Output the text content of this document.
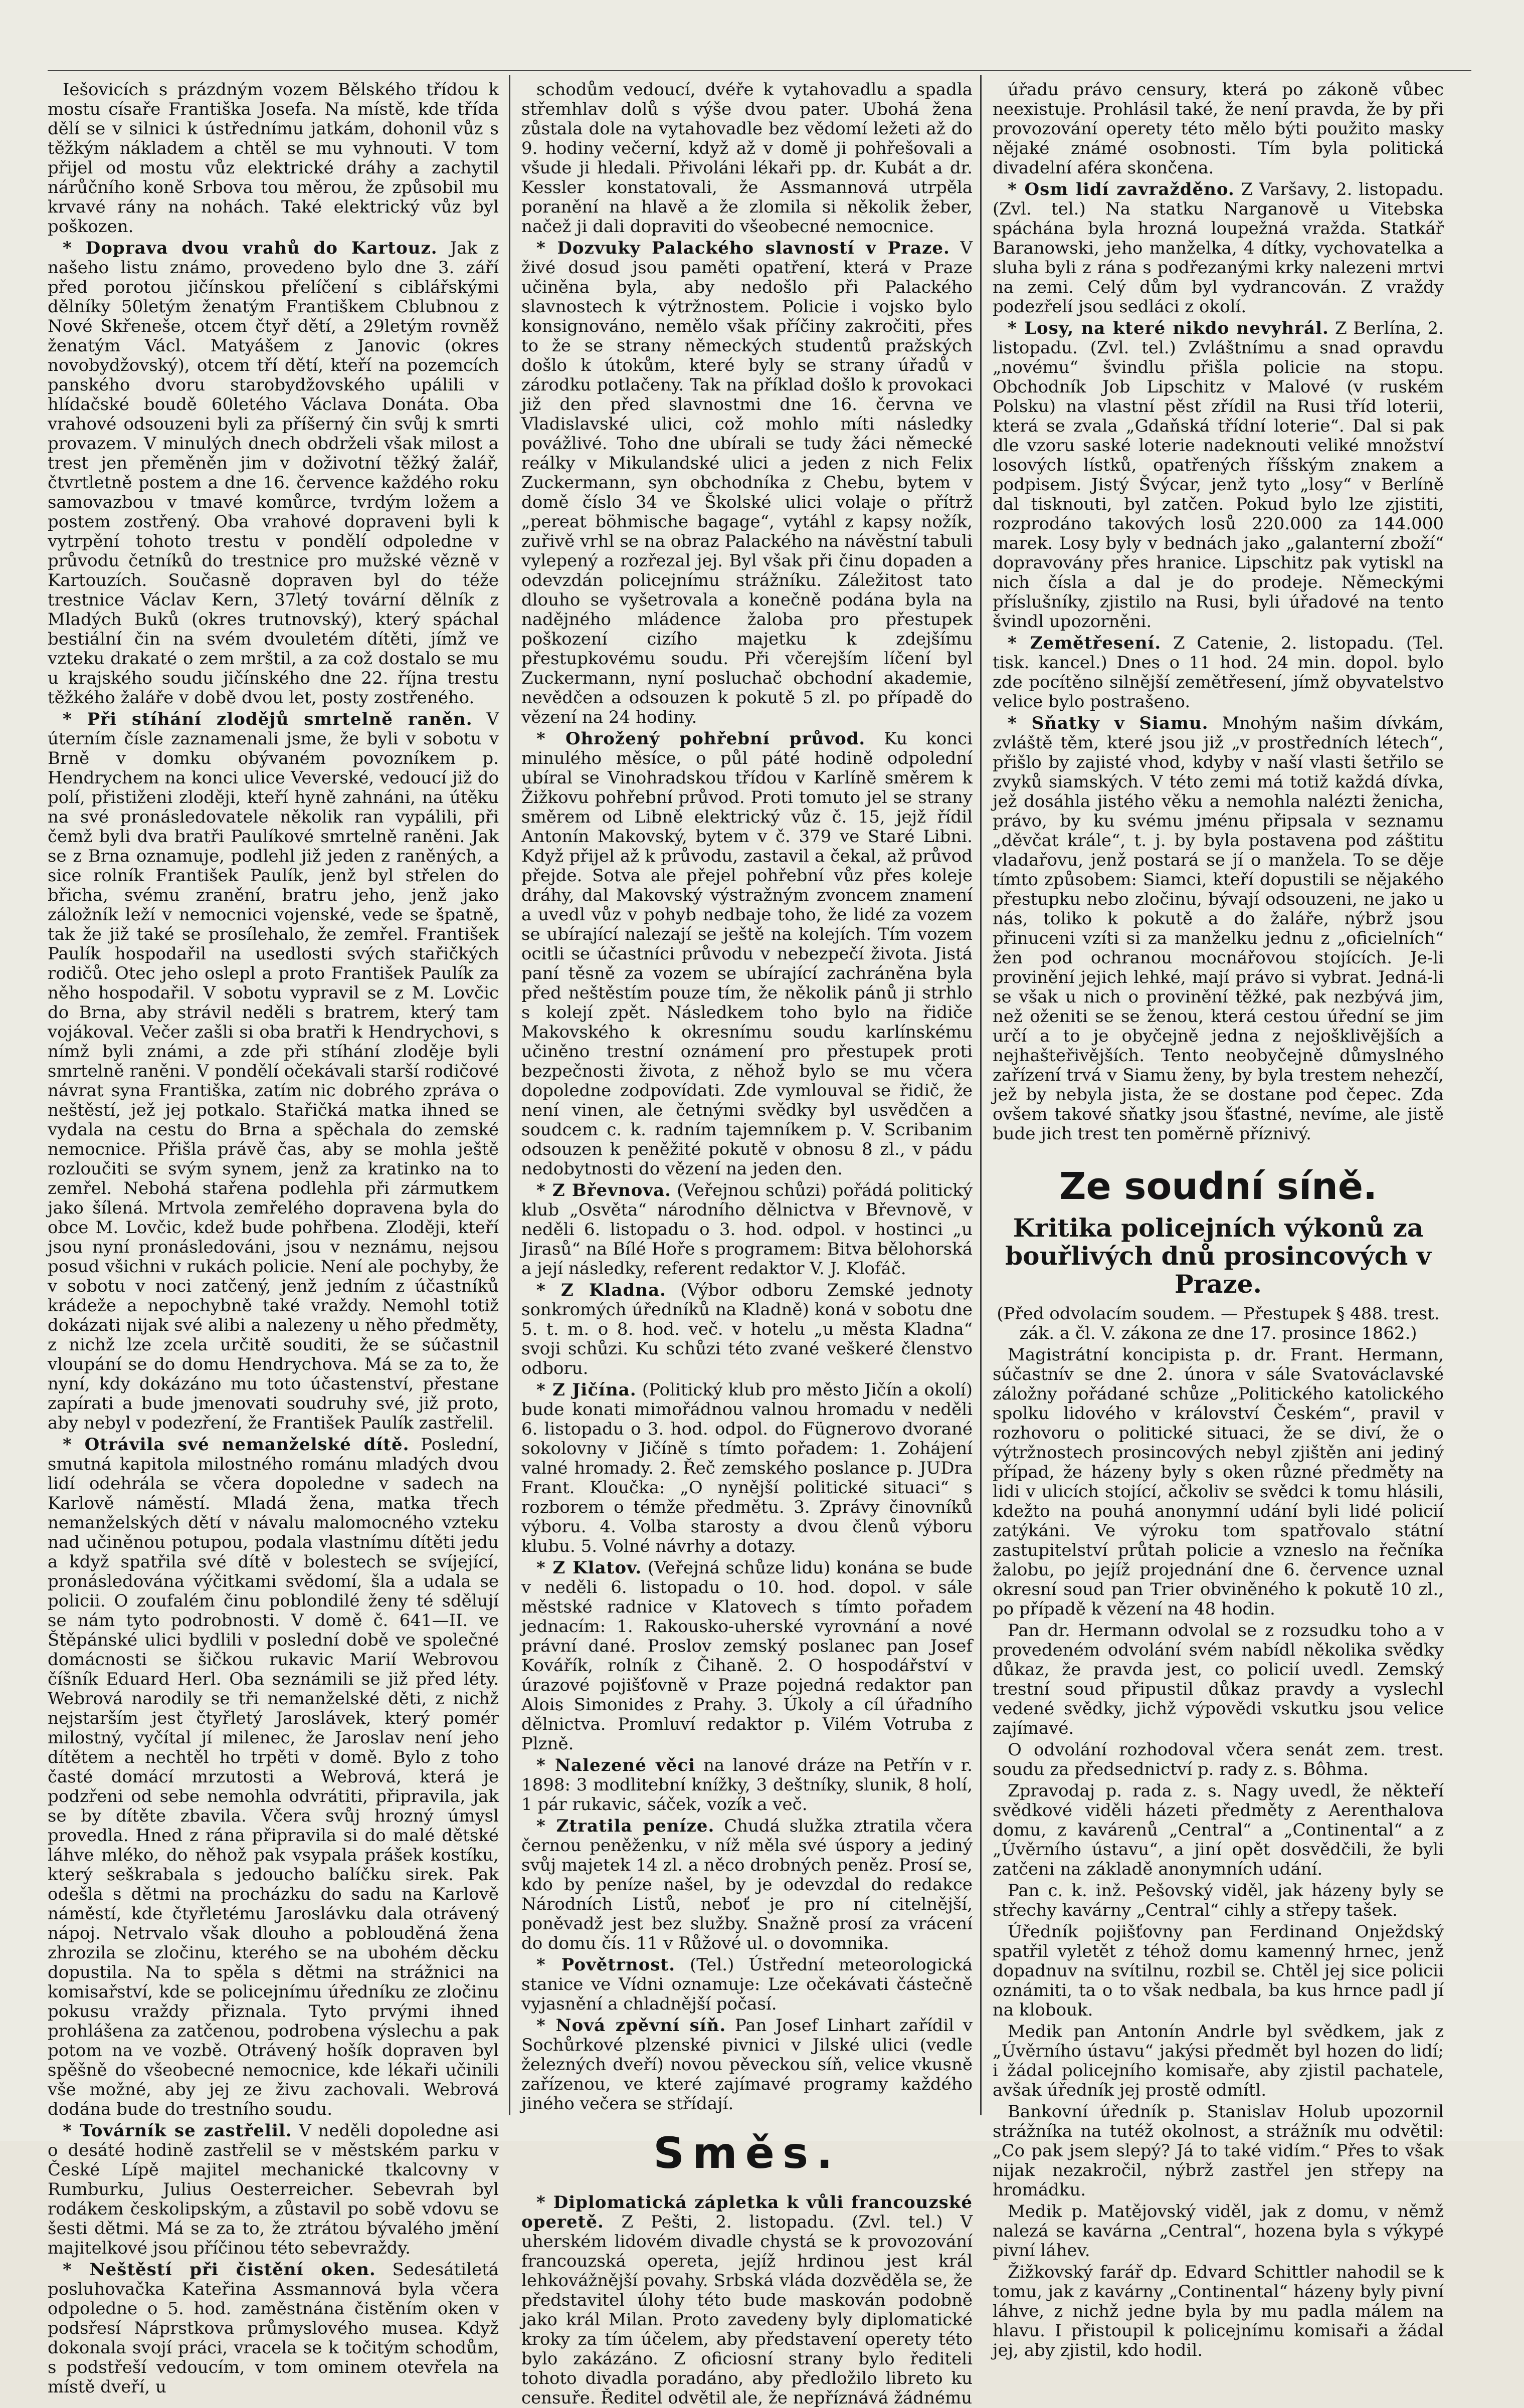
Iešovicích s prázdným vozem Bělského třídou k mostu císaře Františka Josefa. Na místě, kde třída dělí se v silnici k ústřednímu jatkám, dohonil vůz s těžkým nákladem a chtěl se mu vyhnouti. V tom přijel od mostu vůz elektrické dráhy a zachytil nárůčního koně Srbova tou měrou, že způsobil mu krvavé rány na nohách. Také elektrický vůz byl poškozen.

* Doprava dvou vrahů do Kartouz. Jak z našeho listu známo, provedeno bylo dne 3. září před porotou jičínskou přelíčení s ciblářskými dělníky 50letým ženatým Františkem Cblubnou z Nové Skřeneše, otcem čtyř dětí, a 29letým rovněž ženatým Václ. Matyášem z Janovic (okres novobydžovský), otcem tří dětí, kteří na pozemcích panského dvoru starobydžovského upálili v hlídačské boudě 60letého Václava Donáta. Oba vrahové odsouzeni byli za příšerný čin svůj k smrti provazem. V minulých dnech obdrželi však milost a trest jen přeměněn jim v doživotní těžký žalář, čtvrtletně postem a dne 16. července každého roku samovazbou v tmavé komůrce, tvrdým ložem a postem zostřený. Oba vrahové dopraveni byli k vytrpění tohoto trestu v pondělí odpoledne v průvodu četníků do trestnice pro mužské vězně v Kartouzích. Současně dopraven byl do téže trestnice Václav Kern, 37letý tovární dělník z Mladých Buků (okres trutnovský), který spáchal bestiální čin na svém dvouletém dítěti, jímž ve vzteku drakaté o zem mrštil, a za což dostalo se mu u krajského soudu jičínského dne 22. října trestu těžkého žaláře v době dvou let, posty zostřeného.

* Při stíhání zlodějů smrtelně raněn. V úterním čísle zaznamenali jsme, že byli v sobotu v Brně v domku obývaném povozníkem p. Hendrychem na konci ulice Veverské, vedoucí již do polí, přistiženi zloději, kteří hyně zahnáni, na útěku na své pronásledovatele několik ran vypálili, při čemž byli dva bratři Paulíkové smrtelně raněni. Jak se z Brna oznamuje, podlehl již jeden z raněných, a sice rolník František Paulík, jenž byl střelen do břicha, svému zranění, bratru jeho, jenž jako záložník leží v nemocnici vojenské, vede se špatně, tak že již také se prosílehalo, že zemřel. František Paulík hospodařil na usedlosti svých stařičkých rodičů. Otec jeho oslepl a proto František Paulík za něho hospodařil. V sobotu vypravil se z M. Lovčic do Brna, aby strávil neděli s bratrem, který tam vojákoval. Večer zašli si oba bratři k Hendrychovi, s nímž byli známi, a zde při stíhání zloděje byli smrtelně raněni. V pondělí očekávali starší rodičové návrat syna Františka, zatím nic dobrého zpráva o neštěstí, jež jej potkalo. Stařičká matka ihned se vydala na cestu do Brna a spěchala do zemské nemocnice. Přišla právě čas, aby se mohla ještě rozloučiti se svým synem, jenž za kratinko na to zemřel. Nebohá stařena podlehla při zármutkem jako šílená. Mrtvola zemřelého dopravena byla do obce M. Lovčic, kdež bude pohřbena. Zloději, kteří jsou nyní pronásledováni, jsou v neznámu, nejsou posud všichni v rukách policie. Není ale pochyby, že v sobotu v noci zatčený, jenž jedním z účastníků krádeže a nepochybně také vraždy. Nemohl totiž dokázati nijak své alibi a nalezeny u něho předměty, z nichž lze zcela určitě souditi, že se súčastnil vloupání se do domu Hendrychova. Má se za to, že nyní, kdy dokázáno mu toto účastenství, přestane zapírati a bude jmenovati soudruhy své, již proto, aby nebyl v podezření, že František Paulík zastřelil.

* Otrávila své nemanželské dítě. Poslední, smutná kapitola milostného románu mladých dvou lidí odehrála se včera dopoledne v sadech na Karlově náměstí. Mladá žena, matka třech nemanželských dětí v návalu malomocného vzteku nad učiněnou potupou, podala vlastnímu dítěti jedu a když spatřila své dítě v bolestech se svíjející, pronásledována výčitkami svědomí, šla a udala se policii. O zoufalém činu poblondilé ženy té sdělují se nám tyto podrobnosti. V domě č. 641—II. ve Štěpánské ulici bydlili v poslední době ve společné domácnosti se šičkou rukavic Marií Webrovou číšník Eduard Herl. Oba seznámili se již před léty. Webrová narodily se tři nemanželské děti, z nichž nejstarším jest čtyřletý Jaroslávek, který pomér milostný, vyčítal jí milenec, že Jaroslav není jeho dítětem a nechtěl ho trpěti v domě. Bylo z toho časté domácí mrzutosti a Webrová, která je podzřeni od sebe nemohla odvrátiti, připravila, jak se by dítěte zbavila. Včera svůj hrozný úmysl provedla. Hned z rána připravila si do malé dětské láhve mléko, do něhož pak vsypala prášek kostíku, který seškrabala s jedoucho balíčku sirek. Pak odešla s dětmi na procházku do sadu na Karlově náměstí, kde čtyřletému Jaroslávku dala otrávený nápoj. Netrvalo však dlouho a poblouděná žena zhrozila se zločinu, kterého se na ubohém děcku dopustila. Na to spěla s dětmi na strážnici na komisařství, kde se policejnímu úředníku ze zločinu pokusu vraždy přiznala. Tyto prvými ihned prohlášena za zatčenou, podrobena výslechu a pak potom na ve vozbě. Otrávený hošík dopraven byl spěšně do všeobecné nemocnice, kde lékaři učinili vše možné, aby jej ze živu zachovali. Webrová dodána bude do trestního soudu.

* Továrník se zastřelil. V neděli dopoledne asi o desáté hodině zastřelil se v městském parku v České Lípě majitel mechanické tkalcovny v Rumburku, Julius Oesterreicher. Sebevrah byl rodákem českolipským, a zůstavil po sobě vdovu se šesti dětmi. Má se za to, že ztrátou bývalého jmění majitelkové jsou příčinou této sebevraždy.

* Neštěstí při čistění oken. Sedesátiletá posluhovačka Kateřina Assmannová byla včera odpoledne o 5. hod. zaměstnána čistěním oken v podsřesí Náprstkova průmyslového musea. Když dokonala svojí práci, vracela se k točitým schodům, s podstřeší vedoucím, v tom ominem otevřela na místě dveří, u

schodům vedoucí, dvéře k vytahovadlu a spadla střemhlav dolů s výše dvou pater. Ubohá žena zůstala dole na vytahovadle bez vědomí ležeti až do 9. hodiny večerní, když až v domě ji pohřešovali a všude ji hledali. Přivoláni lékaři pp. dr. Kubát a dr. Kessler konstatovali, že Assmannová utrpěla poranění na hlavě a že zlomila si několik žeber, načež ji dali dopraviti do všeobecné nemocnice.

* Dozvuky Palackého slavností v Praze. V živé dosud jsou paměti opatření, která v Praze učiněna byla, aby nedošlo při Palackého slavnostech k výtržnostem. Policie i vojsko bylo konsignováno, nemělo však příčiny zakročiti, přes to že se strany německých studentů pražských došlo k útokům, které byly se strany úřadů v zárodku potlačeny. Tak na příklad došlo k provokaci již den před slavnostmi dne 16. června ve Vladislavské ulici, což mohlo míti následky povážlivé. Toho dne ubírali se tudy žáci německé reálky v Mikulandské ulici a jeden z nich Felix Zuckermann, syn obchodníka z Chebu, bytem v domě číslo 34 ve Školské ulici volaje o přítrž „pereat böhmische bagage“, vytáhl z kapsy nožík, zuřivě vrhl se na obraz Palackého na návěstní tabuli vylepený a rozřezal jej. Byl však při činu dopaden a odevzdán policejnímu strážníku. Záležitost tato dlouho se vyšetrovala a konečně podána byla na nadějného mládence žaloba pro přestupek poškození cizího majetku k zdejšímu přestupkovému soudu. Při včerejším líčení byl Zuckermann, nyní posluchač obchodní akademie, nevědčen a odsouzen k pokutě 5 zl. po případě do vězení na 24 hodiny.

* Ohrožený pohřební průvod. Ku konci minulého měsíce, o půl páté hodině odpolední ubíral se Vinohradskou třídou v Karlíně směrem k Žižkovu pohřební průvod. Proti tomuto jel se strany směrem od Libně elektrický vůz č. 15, jejž řídil Antonín Makovský, bytem v č. 379 ve Staré Libni. Když přijel až k průvodu, zastavil a čekal, až průvod přejde. Sotva ale přejel pohřební vůz přes koleje dráhy, dal Makovský výstražným zvoncem znamení a uvedl vůz v pohyb nedbaje toho, že lidé za vozem se ubírající nalezají se ještě na kolejích. Tím vozem ocitli se účastníci průvodu v nebezpečí života. Jistá paní těsně za vozem se ubírající zachráněna byla před neštěstím pouze tím, že několik pánů ji strhlo s kolejí zpět. Následkem toho bylo na řidiče Makovského k okresnímu soudu karlínskému učiněno trestní oznámení pro přestupek proti bezpečnosti života, z něhož bylo se mu včera dopoledne zodpovídati. Zde vymlouval se řidič, že není vinen, ale četnými svědky byl usvědčen a soudcem c. k. radním tajemníkem p. V. Scribanim odsouzen k peněžité pokutě v obnosu 8 zl., v pádu nedobytnosti do vězení na jeden den.

* Z Břevnova. (Veřejnou schůzi) pořádá politický klub „Osvěta“ národního dělnictva v Břevnově, v neděli 6. listopadu o 3. hod. odpol. v hostinci „u Jirasů“ na Bílé Hoře s programem: Bitva bělohorská a její následky, referent redaktor V. J. Klofáč.

* Z Kladna. (Výbor odboru Zemské jednoty sonkromých úředníků na Kladně) koná v sobotu dne 5. t. m. o 8. hod. več. v hotelu „u města Kladna“ svoji schůzi. Ku schůzi této zvané veškeré členstvo odboru.

* Z Jičína. (Politický klub pro město Jičín a okolí) bude konati mimořádnou valnou hromadu v neděli 6. listopadu o 3. hod. odpol. do Fügnerovo dvorané sokolovny v Jičíně s tímto pořadem: 1. Zohájení valné hromady. 2. Řeč zemského poslance p. JUDra Frant. Kloučka: „O nynější politické situaci“ s rozborem o témže předmětu. 3. Zprávy činovníků výboru. 4. Volba starosty a dvou členů výboru klubu. 5. Volné návrhy a dotazy.

* Z Klatov. (Veřejná schůze lidu) konána se bude v neděli 6. listopadu o 10. hod. dopol. v sále městské radnice v Klatovech s tímto pořadem jednacím: 1. Rakousko-uherské vyrovnání a nové právní dané. Proslov zemský poslanec pan Josef Kovářík, rolník z Čihaně. 2. O hospodářství v úrazové pojišťovně v Praze pojedná redaktor pan Alois Simonides z Prahy. 3. Úkoly a cíl úřadního dělnictva. Promluví redaktor p. Vilém Votruba z Plzně.

* Nalezené věci na lanové dráze na Petřín v r. 1898: 3 modlitební knížky, 3 deštníky, slunik, 8 holí, 1 pár rukavic, sáček, vozík a več.

* Ztratila peníze. Chudá služka ztratila včera černou peněženku, v níž měla své úspory a jediný svůj majetek 14 zl. a něco drobných peněz. Prosí se, kdo by peníze našel, by je odevzdal do redakce Národních Listů, neboť je pro ní citelnější, poněvadž jest bez služby. Snažně prosí za vrácení do domu čís. 11 v Růžové ul. o dovomnika.

* Povětrnost. (Tel.) Ústřední meteorologická stanice ve Vídni oznamuje: Lze očekávati částečně vyjasnění a chladnější počasí.

* Nová zpěvní síň. Pan Josef Linhart zařídil v Sochůrkové plzenské pivnici v Jilské ulici (vedle železných dveří) novou pěveckou síň, velice vkusně zařízenou, ve které zajímavé programy každého jiného večera se střídají.

Směs.

* Diplomatická zápletka k vůli francouzské operetě. Z Pešti, 2. listopadu. (Zvl. tel.) V uherském lidovém divadle chystá se k provozování francouzská opereta, jejíž hrdinou jest král lehkovážnější povahy. Srbská vláda dozvěděla se, že představitel úlohy této bude maskován podobně jako král Milan. Proto zavedeny byly diplomatické kroky za tím účelem, aby představení operety této bylo zakázáno. Z oficiosní strany bylo řediteli tohoto divadla poradáno, aby předložilo libreto ku censuře. Ředitel odvětil ale, že nepříznává žádnému

úřadu právo censury, která po zákoně vůbec neexistuje. Prohlásil také, že není pravda, že by při provozování operety této mělo býti použito masky nějaké známé osobnosti. Tím byla politická divadelní aféra skončena.

* Osm lidí zavražděno. Z Varšavy, 2. listopadu. (Zvl. tel.) Na statku Narganově u Vitebska spáchána byla hrozná loupežná vražda. Statkář Baranowski, jeho manželka, 4 dítky, vychovatelka a sluha byli z rána s podřezanými krky nalezeni mrtvi na zemi. Celý dům byl vydrancován. Z vraždy podezřelí jsou sedláci z okolí.

* Losy, na které nikdo nevyhrál. Z Berlína, 2. listopadu. (Zvl. tel.) Zvláštnímu a snad opravdu „novému“ švindlu přišla policie na stopu. Obchodník Job Lipschitz v Malové (v ruském Polsku) na vlastní pěst zřídil na Rusi tříd loterii, která se zvala „Gdaňská třídní loterie“. Dal si pak dle vzoru saské loterie nadeknouti veliké množství losových lístků, opatřených říšským znakem a podpisem. Jistý Švýcar, jenž tyto „losy“ v Berlíně dal tisknouti, byl zatčen. Pokud bylo lze zjistiti, rozprodáno takových losů 220.000 za 144.000 marek. Losy byly v bednách jako „galanterní zboží“ dopravovány přes hranice. Lipschitz pak vytiskl na nich čísla a dal je do prodeje. Německými příslušníky, zjistilo na Rusi, byli úřadové na tento švindl upozorněni.

* Zemětřesení. Z Catenie, 2. listopadu. (Tel. tisk. kancel.) Dnes o 11 hod. 24 min. dopol. bylo zde pocítěno silnější zemětřesení, jímž obyvatelstvo velice bylo postrašeno.

* Sňatky v Siamu. Mnohým našim dívkám, zvláště těm, které jsou již „v prostředních létech“, přišlo by zajisté vhod, kdyby v naší vlasti šetřilo se zvyků siamských. V této zemi má totiž každá dívka, jež dosáhla jistého věku a nemohla nalézti ženicha, právo, by ku svému jménu připsala v seznamu „děvčat krále“, t. j. by byla postavena pod záštitu vladařovu, jenž postará se jí o manžela. To se děje tímto způsobem: Siamci, kteří dopustili se nějakého přestupku nebo zločinu, bývají odsouzeni, ne jako u nás, toliko k pokutě a do žaláře, nýbrž jsou přinuceni vzíti si za manželku jednu z „oficielních“ žen pod ochranou mocnářovou stojících. Je-li provinění jejich lehké, mají právo si vybrat. Jedná-li se však u nich o provinění těžké, pak nezbývá jim, než oženiti se se ženou, která cestou úřední se jim určí a to je obyčejně jedna z nejošklivějších a nejhašteřivějších. Tento neobyčejně důmyslného zařízení trvá v Siamu ženy, by byla trestem nehezčí, jež by nebyla jista, že se dostane pod čepec. Zda ovšem takové sňatky jsou šťastné, nevíme, ale jistě bude jich trest ten poměrně příznivý.

Ze soudní síně.
Kritika policejních výkonů za bouřlivých dnů prosincových v Praze.

(Před odvolacím soudem. — Přestupek § 488. trest. zák. a čl. V. zákona ze dne 17. prosince 1862.)

Magistrátní koncipista p. dr. Frant. Hermann, súčastnív se dne 2. února v sále Svatováclavské záložny pořádané schůze „Politického katolického spolku lidového v království Českém“, pravil v rozhovoru o politické situaci, že se diví, že o výtržnostech prosincových nebyl zjištěn ani jediný případ, že házeny byly s oken různé předměty na lidi v ulicích stojící, ačkoliv se svědci k tomu hlásili, kdežto na pouhá anonymní udání byli lidé policií zatýkáni. Ve výroku tom spatřovalo státní zastupitelství průtah policie a vzneslo na řečníka žalobu, po jejíž projednání dne 6. července uznal okresní soud pan Trier obviněného k pokutě 10 zl., po případě k vězení na 48 hodin.

Pan dr. Hermann odvolal se z rozsudku toho a v provedeném odvolání svém nabídl několika svědky důkaz, že pravda jest, co policií uvedl. Zemský trestní soud připustil důkaz pravdy a vyslechl vedené svědky, jichž výpovědi vskutku jsou velice zajímavé.

O odvolání rozhodoval včera senát zem. trest. soudu za předsednictví p. rady z. s. Bôhma.

Zpravodaj p. rada z. s. Nagy uvedl, že někteří svědkové viděli házeti předměty z Aerenthalova domu, z kavárenů „Central“ a „Continental“ a z „Úvěrního ústavu“, a jiní opět dosvědčili, že byli zatčeni na základě anonymních udání.

Pan c. k. inž. Pešovský viděl, jak házeny byly se střechy kavárny „Central“ cihly a střepy tašek.

Úředník pojišťovny pan Ferdinand Onježdský spatřil vyletět z téhož domu kamenný hrnec, jenž dopadnuv na svítilnu, rozbil se. Chtěl jej sice policii oznámiti, ta o to však nedbala, ba kus hrnce padl jí na klobouk.

Medik pan Antonín Andrle byl svědkem, jak z „Úvěrního ústavu“ jakýsi předmět byl hozen do lidí; i žádal policejního komisaře, aby zjistil pachatele, avšak úředník jej prostě odmítl.

Bankovní úředník p. Stanislav Holub upozornil strážníka na tutéž okolnost, a strážník mu odvětil: „Co pak jsem slepý? Já to také vidím.“ Přes to však nijak nezakročil, nýbrž zastřel jen střepy na hromádku.

Medik p. Matějovský viděl, jak z domu, v němž nalezá se kavárna „Central“, hozena byla s výkypé pivní láhev.

Žižkovský farář dp. Edvard Schittler nahodil se k tomu, jak z kavárny „Continental“ házeny byly pivní láhve, z nichž jedne byla by mu padla málem na hlavu. I přistoupil k policejnímu komisaři a žádal jej, aby zjistil, kdo hodil.
